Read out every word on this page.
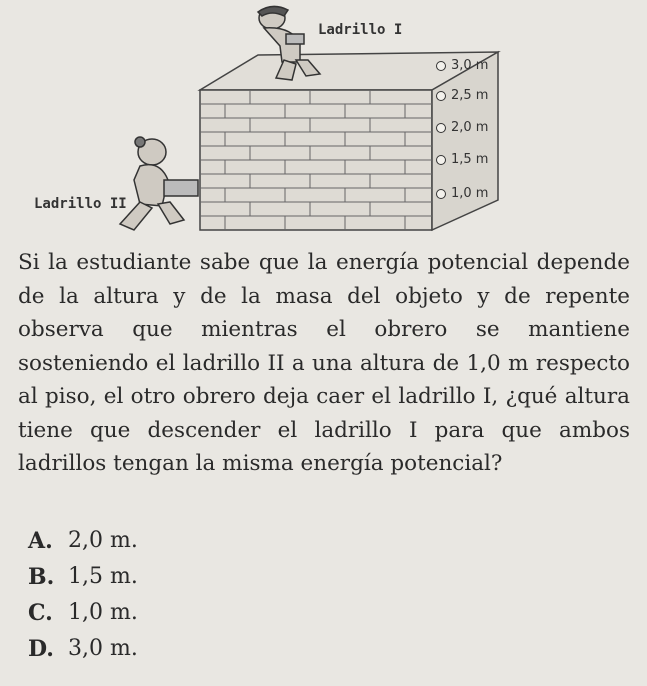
Ladrillo I
Ladrillo II
3,0 m
2,5 m
2,0 m
1,5 m
1,0 m

Si la estudiante sabe que la energía potencial depende de la altura y de la masa del objeto y de repente observa que mientras el obrero se mantiene sosteniendo el ladrillo II a una altura de 1,0 m respecto al piso, el otro obrero deja caer el ladrillo I, ¿qué altura tiene que descender el ladrillo I para que ambos ladrillos tengan la misma energía potencial?

A. 2,0 m.
B. 1,5 m.
C. 1,0 m.
D. 3,0 m.
